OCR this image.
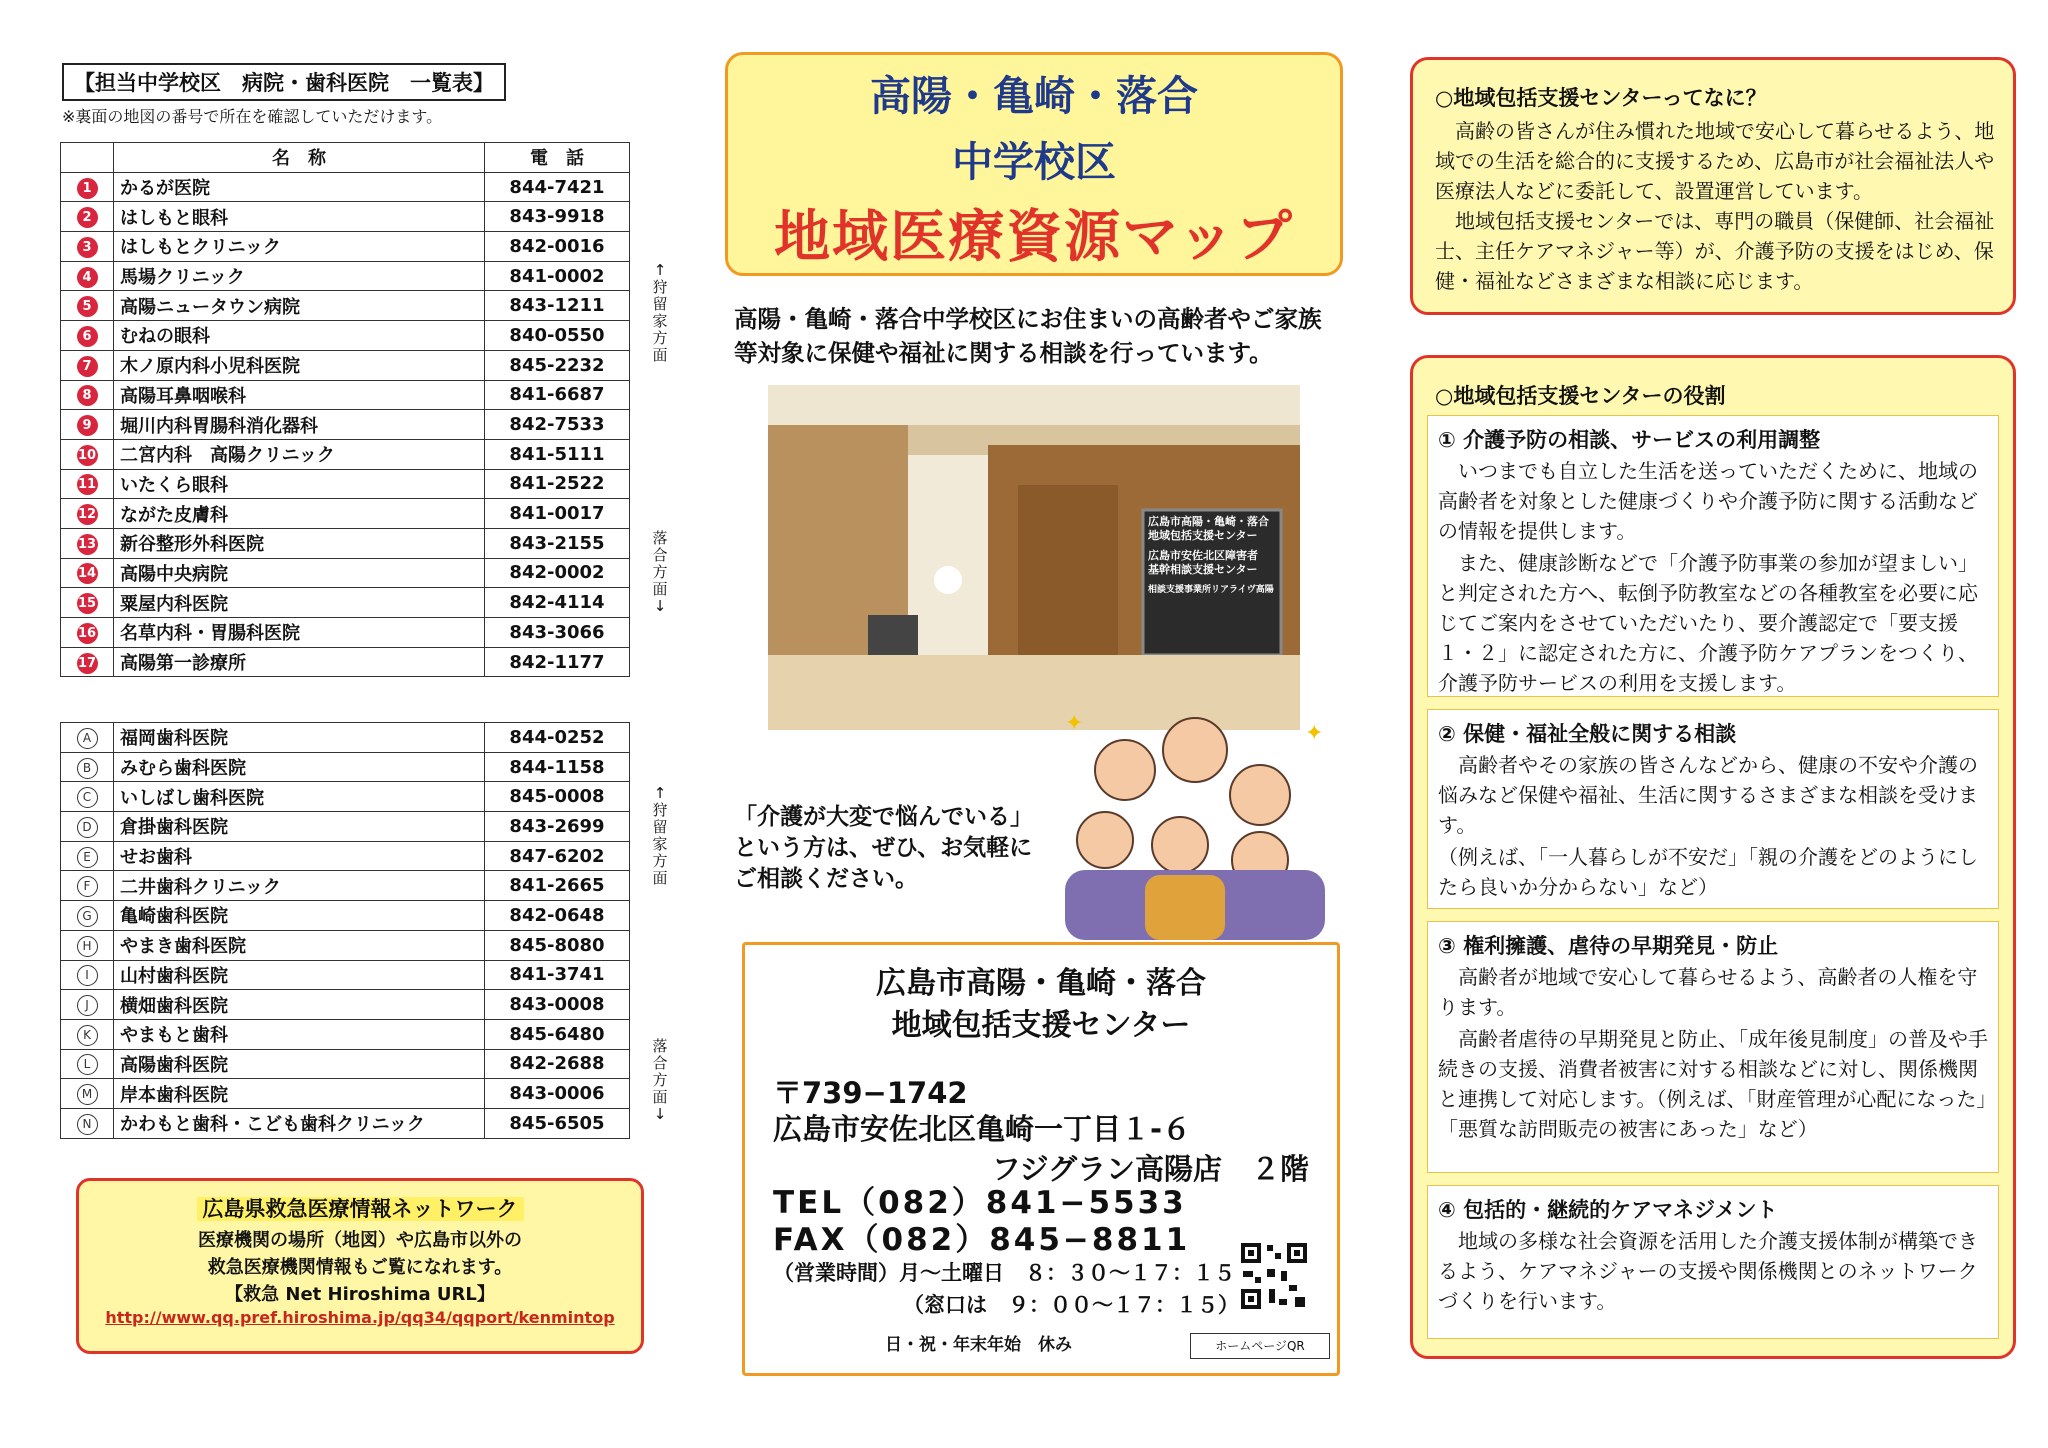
【担当中学校区　病院・歯科医院　一覧表】
※裏面の地図の番号で所在を確認していただけます。
	名　称	電　話
1	かるが医院	844-7421
2	はしもと眼科	843-9918
3	はしもとクリニック	842-0016
4	馬場クリニック	841-0002
5	高陽ニュータウン病院	843-1211
6	むねの眼科	840-0550
7	木ノ原内科小児科医院	845-2232
8	高陽耳鼻咽喉科	841-6687
9	堀川内科胃腸科消化器科	842-7533
10	二宮内科　高陽クリニック	841-5111
11	いたくら眼科	841-2522
12	ながた皮膚科	841-0017
13	新谷整形外科医院	843-2155
14	高陽中央病院	842-0002
15	粟屋内科医院	842-4114
16	名草内科・胃腸科医院	843-3066
17	高陽第一診療所	842-1177
A	福岡歯科医院	844-0252
B	みむら歯科医院	844-1158
C	いしばし歯科医院	845-0008
D	倉掛歯科医院	843-2699
E	せお歯科	847-6202
F	二井歯科クリニック	841-2665
G	亀崎歯科医院	842-0648
H	やまき歯科医院	845-8080
I	山村歯科医院	841-3741
J	横畑歯科医院	843-0008
K	やまもと歯科	845-6480
L	高陽歯科医院	842-2688
M	岸本歯科医院	843-0006
N	かわもと歯科・こども歯科クリニック	845-6505
↑ 狩留家方面
落合方面 ↓
↑ 狩留家方面
落合方面 ↓
広島県救急医療情報ネットワーク
医療機関の場所（地図）や広島市以外の
救急医療機関情報もご覧になれます。
【救急 Net Hiroshima URL】
http://www.qq.pref.hiroshima.jp/qq34/qqport/kenmintop
高陽・亀崎・落合
中学校区
地域医療資源マップ
高陽・亀崎・落合中学校区にお住まいの高齢者やご家族等対象に保健や福祉に関する相談を行っています。
広島市高陽・亀崎・落合
地域包括支援センター
広島市安佐北区障害者
基幹相談支援センター
相談支援事業所リアライヴ高陽
✦	✦
「介護が大変で悩んでいる」
という方は、ぜひ、お気軽に
ご相談ください。
広島市高陽・亀崎・落合
地域包括支援センター
〒739−1742
広島市安佐北区亀崎一丁目１-６
フジグラン高陽店　２階
TEL（082）841−5533
FAX（082）845−8811
（営業時間）月～土曜日　８：３０～１７：１５
（窓口は　９：００～１７：１５）
日・祝・年末年始　休み	ホームページQR
○地域包括支援センターってなに？
　高齢の皆さんが住み慣れた地域で安心して暮らせるよう、地域での生活を総合的に支援するため、広島市が社会福祉法人や医療法人などに委託して、設置運営しています。
　地域包括支援センターでは、専門の職員（保健師、社会福祉士、主任ケアマネジャー等）が、介護予防の支援をはじめ、保健・福祉などさまざまな相談に応じます。
○地域包括支援センターの役割
① 介護予防の相談、サービスの利用調整
　いつまでも自立した生活を送っていただくために、地域の高齢者を対象とした健康づくりや介護予防に関する活動などの情報を提供します。
　また、健康診断などで「介護予防事業の参加が望ましい」と判定された方へ、転倒予防教室などの各種教室を必要に応じてご案内をさせていただいたり、要介護認定で「要支援１・２」に認定された方に、介護予防ケアプランをつくり、介護予防サービスの利用を支援します。
② 保健・福祉全般に関する相談
　高齢者やその家族の皆さんなどから、健康の不安や介護の悩みなど保健や福祉、生活に関するさまざまな相談を受けます。
（例えば、「一人暮らしが不安だ」「親の介護をどのようにしたら良いか分からない」など）
③ 権利擁護、虐待の早期発見・防止
　高齢者が地域で安心して暮らせるよう、高齢者の人権を守ります。
　高齢者虐待の早期発見と防止、「成年後見制度」の普及や手続きの支援、消費者被害に対する相談などに対し、関係機関と連携して対応します。（例えば、「財産管理が心配になった」「悪質な訪問販売の被害にあった」など）
④ 包括的・継続的ケアマネジメント
　地域の多様な社会資源を活用した介護支援体制が構築できるよう、ケアマネジャーの支援や関係機関とのネットワークづくりを行います。
